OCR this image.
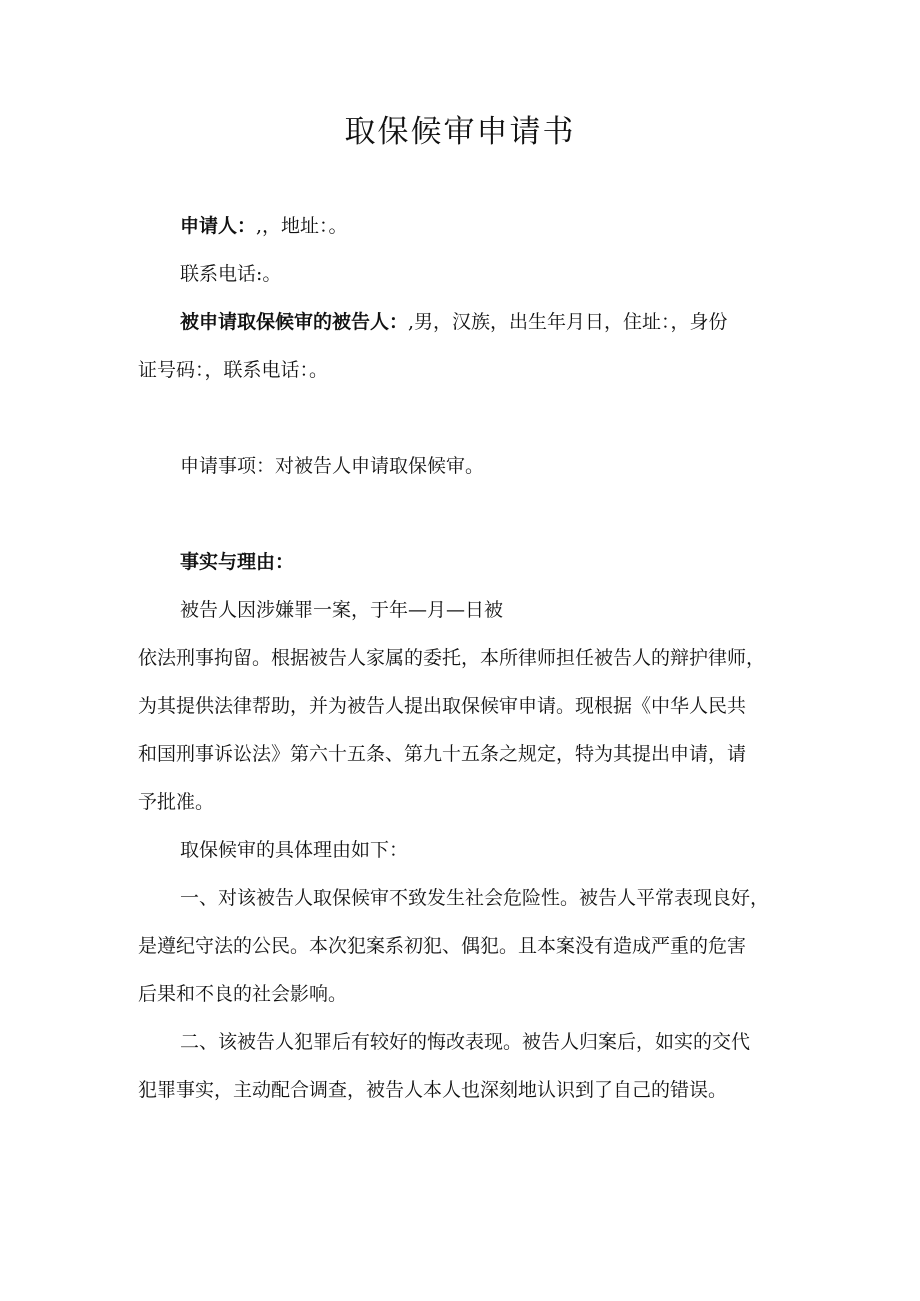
取保候审申请书

申请人：,，地址：。

联系电话:。

被申请取保候审的被告人：,男，汉族，出生年月日，住址：，身份

证号码：，联系电话：。

申请事项：对被告人申请取保候审。

事实与理由：

被告人因涉嫌罪一案，于年—月—日被

依法刑事拘留。根据被告人家属的委托，本所律师担任被告人的辩护律师，

为其提供法律帮助，并为被告人提出取保候审申请。现根据《中华人民共

和国刑事诉讼法》第六十五条、第九十五条之规定，特为其提出申请，请

予批准。

取保候审的具体理由如下：

一、对该被告人取保候审不致发生社会危险性。被告人平常表现良好，

是遵纪守法的公民。本次犯案系初犯、偶犯。且本案没有造成严重的危害

后果和不良的社会影响。

二、该被告人犯罪后有较好的悔改表现。被告人归案后，如实的交代

犯罪事实，主动配合调查，被告人本人也深刻地认识到了自己的错误。
